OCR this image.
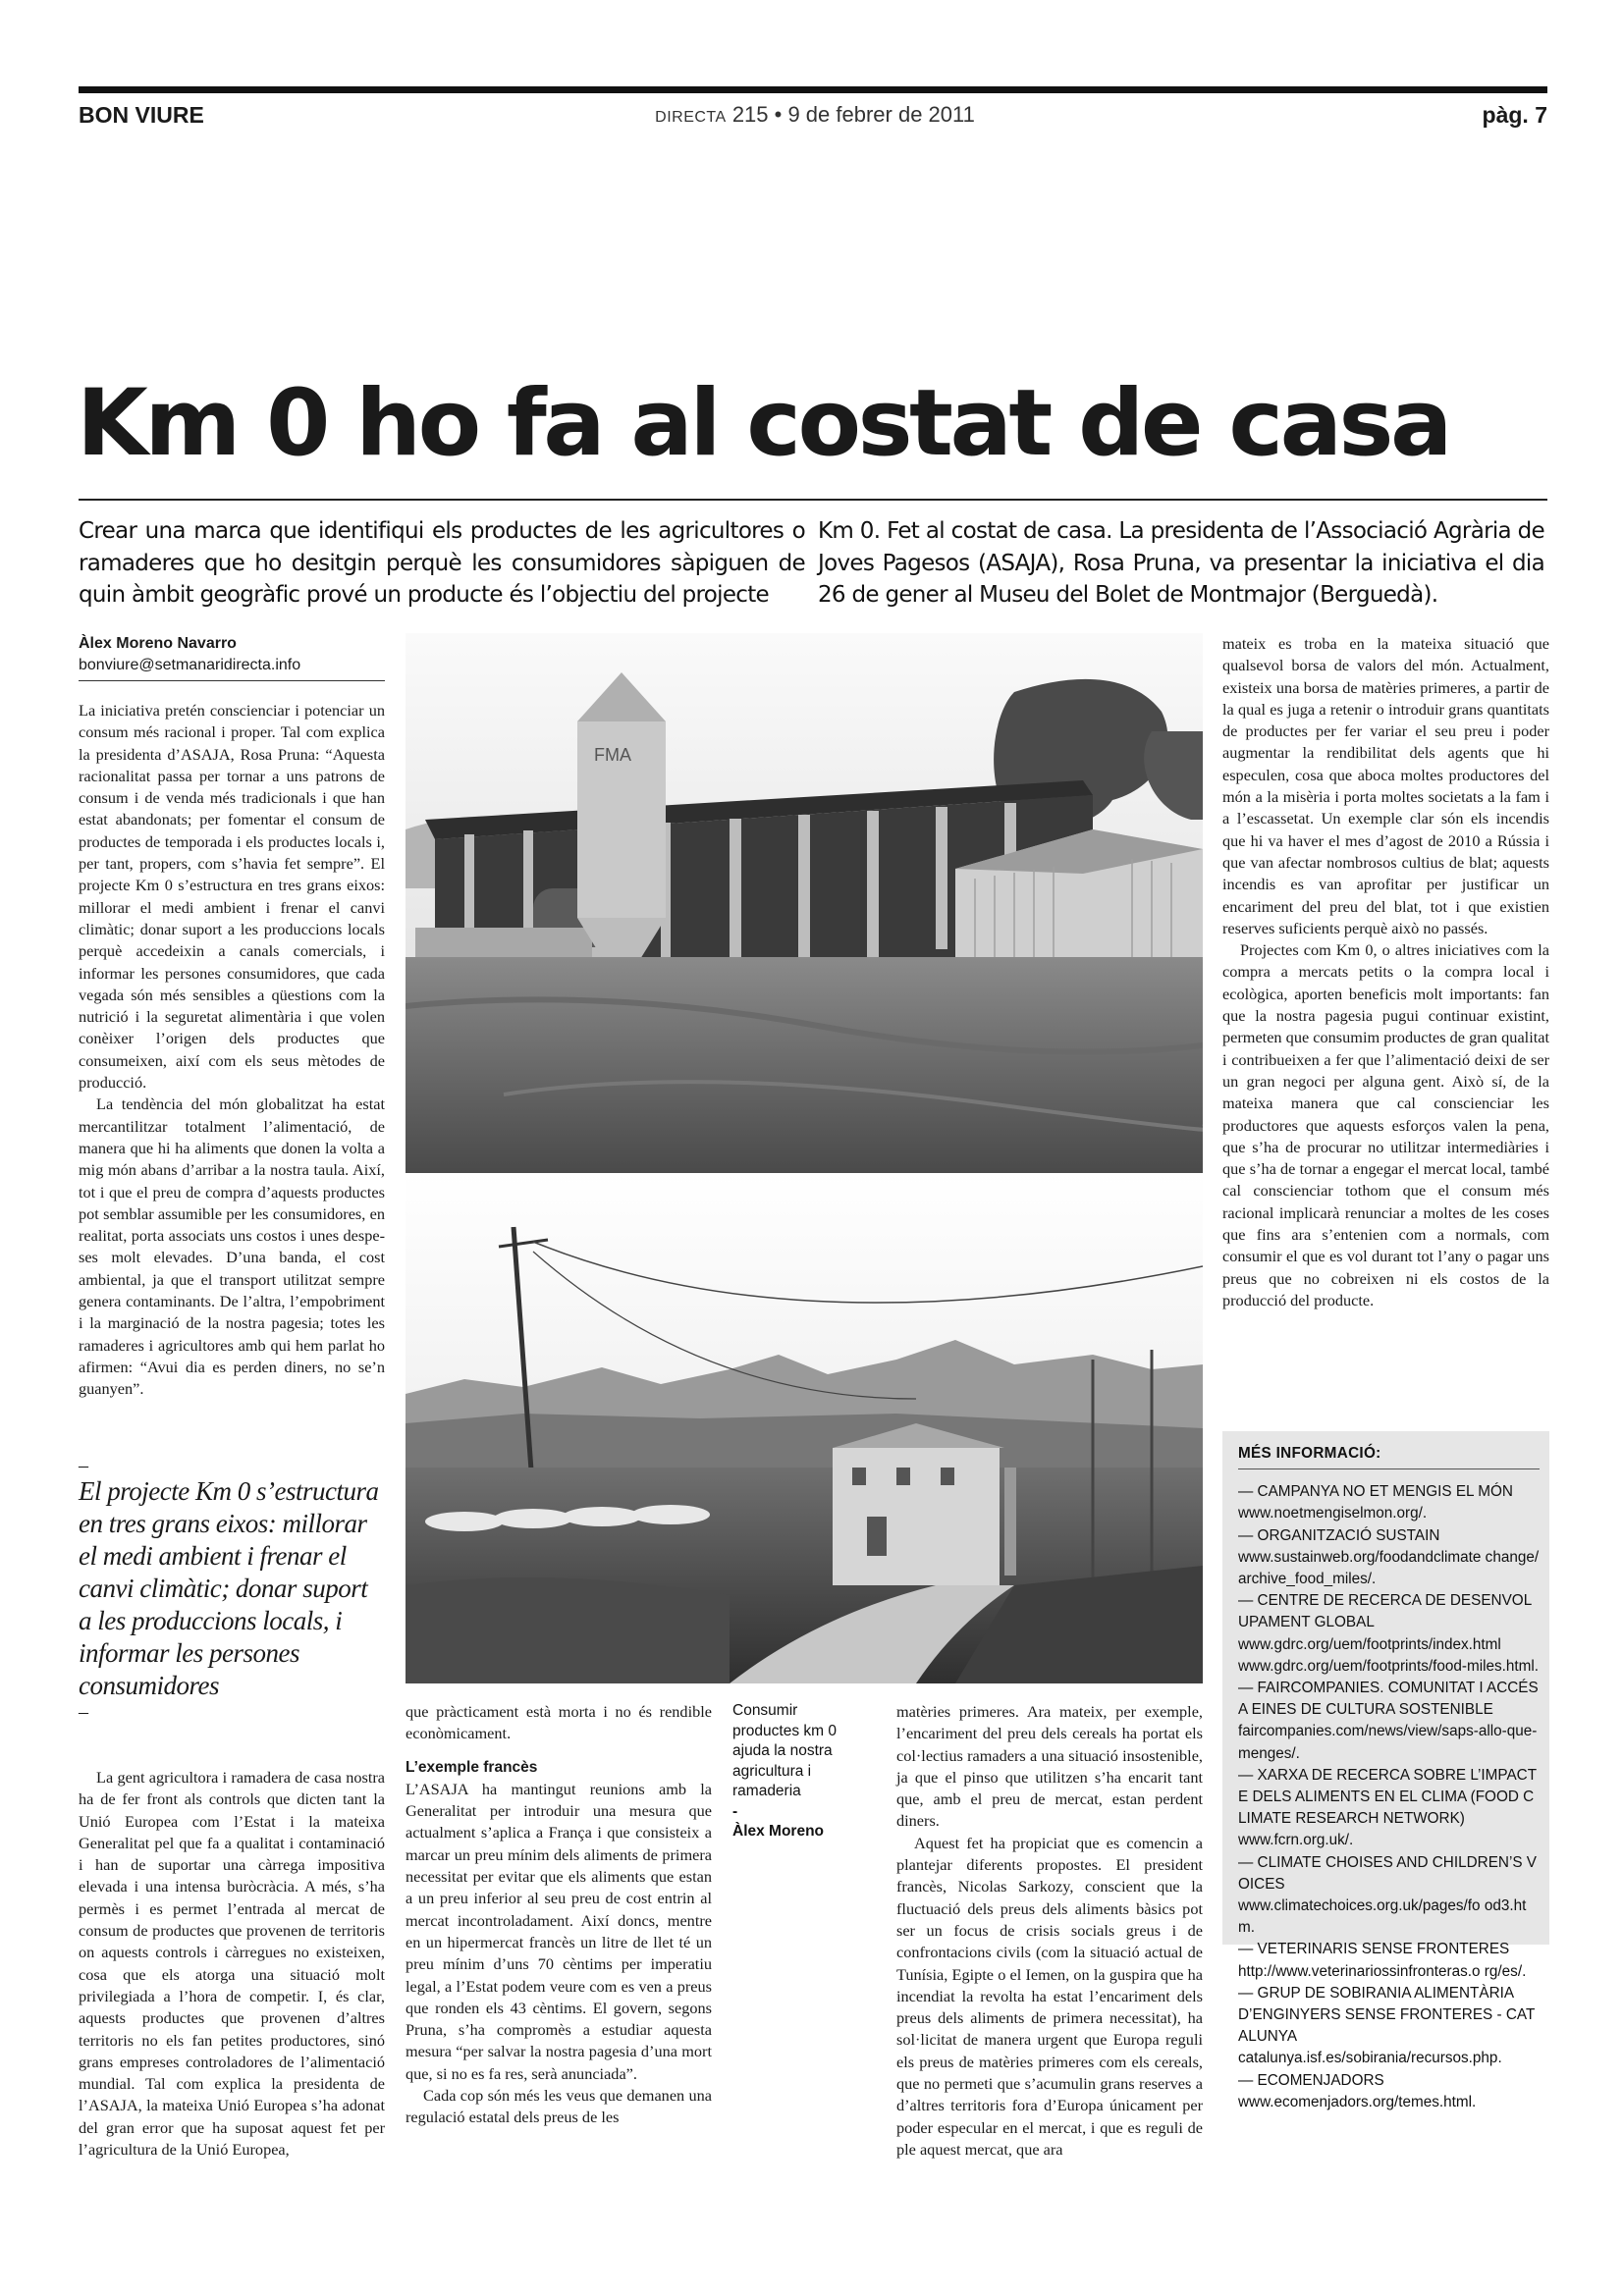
BON VIURE	DIRECTA 215 • 9 de febrer de 2011	pàg. 7
Km 0 ho fa al costat de casa
Crear una marca que identifiqui els productes de les agricultores o ramaderes que ho desitgin perquè les consumidores sàpiguen de quin àmbit geogràfic prové un producte és l’objectiu del projecte
Km 0. Fet al costat de casa. La presidenta de l’Associació Agrària de Joves Pagesos (ASAJA), Rosa Pruna, va presentar la iniciativa el dia 26 de gener al Museu del Bolet de Montmajor (Berguedà).
Àlex Moreno Navarro
bonviure@setmanaridirecta.info

La iniciativa pretén conscienciar i potenciar un consum més racional i proper. Tal com explica la presidenta d’ASAJA, Rosa Pruna: “Aquesta racionalitat passa per tornar a uns patrons de consum i de venda més tradicionals i que han estat abandonats; per fomentar el consum de productes de temporada i els productes locals i, per tant, propers, com s’havia fet sempre”. El projecte Km 0 s’estructura en tres grans eixos: millorar el medi ambient i frenar el canvi climàtic; donar suport a les produccions locals perquè accedeixin a canals comercials, i informar les persones consumidores, que cada vegada són més sensibles a qüestions com la nutrició i la seguretat alimentària i que volen conèixer l’origen dels productes que consumeixen, així com els seus mètodes de producció.

La tendència del món globalitzat ha estat mercantilitzar totalment l’alimentació, de manera que hi ha aliments que donen la volta a mig món abans d’arribar a la nostra taula. Així, tot i que el preu de compra d’aquests productes pot semblar assumible per les consumidores, en realitat, porta associats uns costos i unes despeses molt elevades. D’una banda, el cost ambiental, ja que el transport utilitzat sempre genera contaminants. De l’altra, l’empobriment i la marginació de la nostra pagesia; totes les ramaderes i agricultores amb qui hem parlat ho afirmen: “Avui dia es perden diners, no se’n guanyen”.

–
El projecte Km 0 s’estructura en tres grans eixos: millorar el medi ambient i frenar el canvi climàtic; donar suport a les produccions locals, i informar les persones consumidores
–

La gent agricultora i ramadera de casa nostra ha de fer front als controls que dicten tant la Unió Europea com l’Estat i la mateixa Generalitat pel que fa a qualitat i contaminació i han de suportar una càrrega impositiva elevada i una intensa buròcràcia. A més, s’ha permès i es permet l’entrada al mercat de consum de productes que provenen de territoris on aquests controls i càrregues no existeixen, cosa que els atorga una situació molt privilegiada a l’hora de competir. I, és clar, aquests productes que provenen d’altres territoris no els fan petites productores, sinó grans empreses controladores de l’alimentació mundial. Tal com explica la presidenta de l’ASAJA, la mateixa Unió Europea s’ha adonat del gran error que ha suposat aquest fet per l’agricultura de la Unió Europea,

FMA

que pràcticament està morta i no és rendible econòmicament.

L’exemple francès

L’ASAJA ha mantingut reunions amb la Generalitat per introduir una mesura que actualment s’aplica a França i que consisteix a marcar un preu mínim dels aliments de primera necessitat per evitar que els aliments que estan a un preu inferior al seu preu de cost entrin al mercat incontroladament. Així doncs, mentre en un hipermercat francès un litre de llet té un preu mínim d’uns 70 cèntims per imperatiu legal, a l’Estat podem veure com es ven a preus que ronden els 43 cèntims. El govern, segons Pruna, s’ha compromès a estudiar aquesta mesura “per salvar la nostra pagesia d’una mort que, si no es fa res, serà anunciada”.

Cada cop són més les veus que demanen una regulació estatal dels preus de les

Consumir productes km 0 ajuda la nostra agricultura i ramaderia
-
Àlex Moreno

matèries primeres. Ara mateix, per exemple, l’encariment del preu dels cereals ha portat els col·lectius ramaders a una situació insostenible, ja que el pinso que utilitzen s’ha encarit tant que, amb el preu de mercat, estan perdent diners.

Aquest fet ha propiciat que es comencin a plantejar diferents propostes. El president francès, Nicolas Sarkozy, conscient que la fluctuació dels preus dels aliments bàsics pot ser un focus de crisis socials greus i de confrontacions civils (com la situació actual de Tunísia, Egipte o el Iemen, on la guspira que ha incendiat la revolta ha estat l’encariment dels preus dels aliments de primera necessitat), ha sol·licitat de manera urgent que Europa reguli els preus de matèries primeres com els cereals, que no permeti que s’acumulin grans reserves a d’altres territoris fora d’Europa únicament per poder especular en el mercat, i que es reguli de ple aquest mercat, que ara

mateix es troba en la mateixa situació que qualsevol borsa de valors del món. Actualment, existeix una borsa de matèries primeres, a partir de la qual es juga a retenir o introduir grans quantitats de productes per fer variar el seu preu i poder augmentar la rendibilitat dels agents que hi especulen, cosa que aboca moltes productores del món a la misèria i porta moltes societats a la fam i a l’escassetat. Un exemple clar són els incendis que hi va haver el mes d’agost de 2010 a Rússia i que van afectar nombrosos cultius de blat; aquests incendis es van aprofitar per justificar un encariment del preu del blat, tot i que existien reserves suficients perquè això no passés.

Projectes com Km 0, o altres iniciatives com la compra a mercats petits o la compra local i ecològica, aporten beneficis molt importants: fan que la nostra pagesia pugui continuar existint, permeten que consumim productes de gran qualitat i contribueixen a fer que l’alimentació deixi de ser un gran negoci per alguna gent. Això sí, de la mateixa manera que cal conscienciar les productores que aquests esforços valen la pena, que s’ha de procurar no utilitzar intermediàries i que s’ha de tornar a engegar el mercat local, també cal conscienciar tothom que el consum més racional implicarà renunciar a moltes de les coses que fins ara s’entenien com a normals, com consumir el que es vol durant tot l’any o pagar uns preus que no cobreixen ni els costos de la producció del producte.

MÉS INFORMACIÓ:
— CAMPANYA NO ET MENGIS EL MÓN
www.noetmengiselmon.org/.
— ORGANITZACIÓ SUSTAIN
www.sustainweb.org/foodandclimate change/archive_food_miles/.
— CENTRE DE RECERCA DE DESENVOLUPAMENT GLOBAL
www.gdrc.org/uem/footprints/index.html
www.gdrc.org/uem/footprints/food-miles.html.
— FAIRCOMPANIES. COMUNITAT I ACCÉS A EINES DE CULTURA SOSTENIBLE
faircompanies.com/news/view/saps-allo-que-menges/.
— XARXA DE RECERCA SOBRE L’IMPACTE DELS ALIMENTS EN EL CLIMA (FOOD CLIMATE RESEARCH NETWORK)
www.fcrn.org.uk/.
— CLIMATE CHOISES AND CHILDREN’S VOICES
www.climatechoices.org.uk/pages/fo od3.htm.
— VETERINARIS SENSE FRONTERES
http://www.veterinariossinfronteras.o rg/es/.
— GRUP DE SOBIRANIA ALIMENTÀRIA D’ENGINYERS SENSE FRONTERES - CATALUNYA
catalunya.isf.es/sobirania/recursos.php.
— ECOMENJADORS
www.ecomenjadors.org/temes.html.
